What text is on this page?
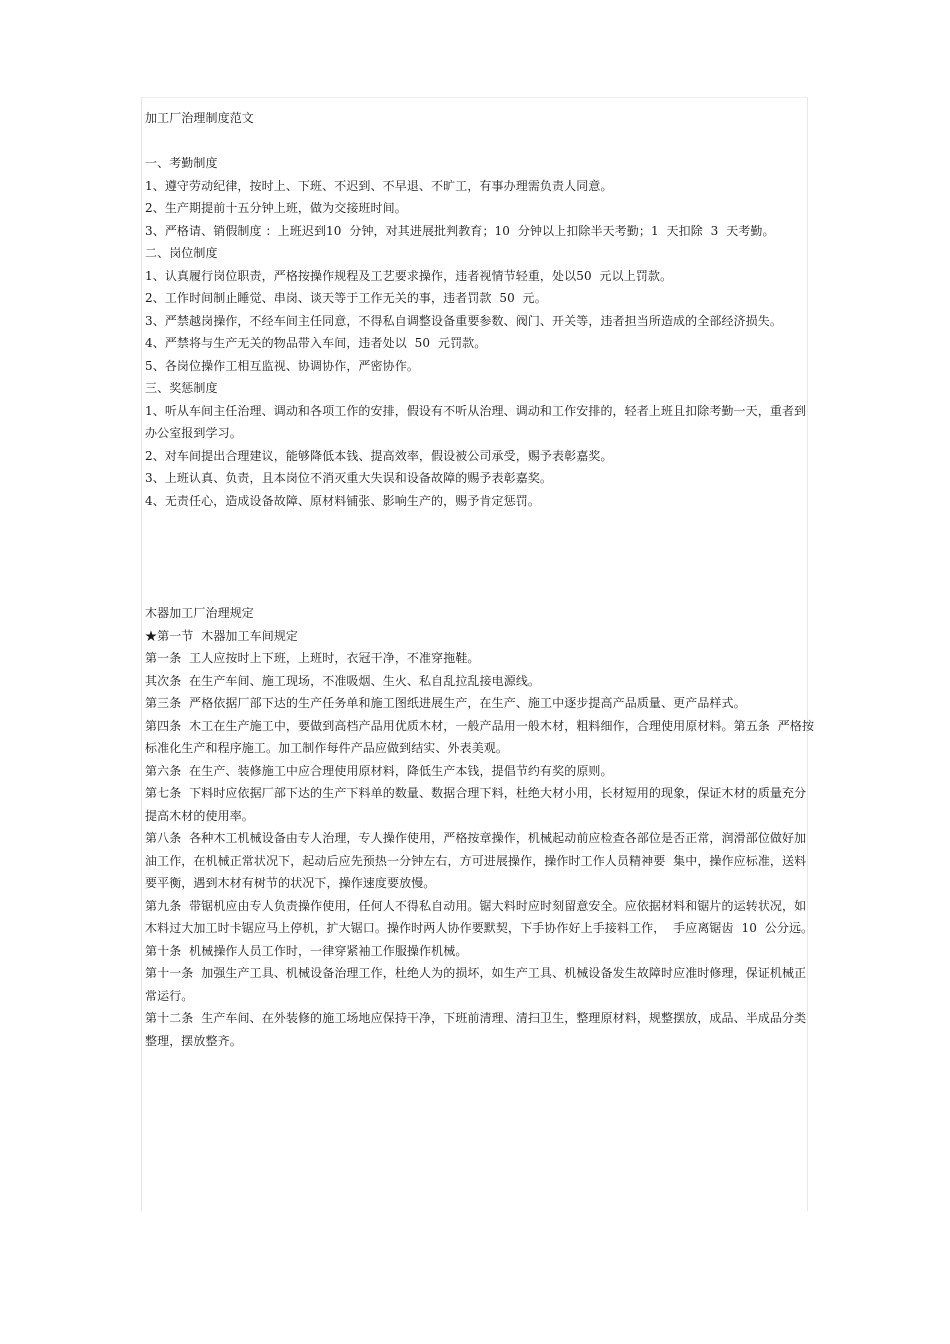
加工厂治理制度范文
一、考勤制度
1、遵守劳动纪律，按时上、下班、不迟到、不早退、不旷工，有事办理需负责人同意。
2、生产期提前十五分钟上班，做为交接班时间。
3、严格请、销假制度 ：上班迟到10  分钟，对其进展批判教育；10  分钟以上扣除半天考勤；1  天扣除  3  天考勤。
二、岗位制度
1、认真履行岗位职责，严格按操作规程及工艺要求操作，违者视情节轻重，处以50  元以上罚款。
2、工作时间制止睡觉、串岗、谈天等于工作无关的事，违者罚款  50  元。
3、严禁越岗操作，不经车间主任同意，不得私自调整设备重要参数、阀门、开关等，违者担当所造成的全部经济损失。
4、严禁将与生产无关的物品带入车间，违者处以  50  元罚款。
5、各岗位操作工相互监视、协调协作，严密协作。
三、奖惩制度
1、听从车间主任治理、调动和各项工作的安排，假设有不听从治理、调动和工作安排的，轻者上班且扣除考勤一天，重者到办公室报到学习。
2、对车间提出合理建议，能够降低本钱、提高效率，假设被公司承受，赐予表彰嘉奖。
3、上班认真、负责，且本岗位不消灭重大失误和设备故障的赐予表彰嘉奖。
4、无责任心，造成设备故障、原材料铺张、影响生产的，赐予肯定惩罚。
木器加工厂治理规定
★第一节  木器加工车间规定
第一条  工人应按时上下班，上班时，衣冠干净，不准穿拖鞋。
其次条  在生产车间、施工现场，不准吸烟、生火、私自乱拉乱接电源线。
第三条  严格依据厂部下达的生产任务单和施工图纸进展生产，在生产、施工中逐步提高产品质量、更产品样式。
第四条  木工在生产施工中，要做到高档产品用优质木材，一般产品用一般木材，粗料细作，合理使用原材料。第五条  严格按标准化生产和程序施工。加工制作每件产品应做到结实、外表美观。
第六条  在生产、装修施工中应合理使用原材料，降低生产本钱，提倡节约有奖的原则。
第七条  下料时应依据厂部下达的生产下料单的数量、数据合理下料，杜绝大材小用，长材短用的现象，保证木材的质量充分提高木材的使用率。
第八条  各种木工机械设备由专人治理，专人操作使用，严格按章操作，机械起动前应检查各部位是否正常，润滑部位做好加油工作，在机械正常状况下，起动后应先预热一分钟左右，方可进展操作，操作时工作人员精神要  集中，操作应标准，送料要平衡，遇到木材有树节的状况下，操作速度要放慢。
第九条  带锯机应由专人负责操作使用，任何人不得私自动用。锯大料时应时刻留意安全。应依据材料和锯片的运转状况，如木料过大加工时卡锯应马上停机，扩大锯口。操作时两人协作要默契，下手协作好上手接料工作，  手应离锯齿  10  公分远。
第十条  机械操作人员工作时，一律穿紧袖工作服操作机械。
第十一条  加强生产工具、机械设备治理工作，杜绝人为的损坏，如生产工具、机械设备发生故障时应准时修理，保证机械正常运行。
第十二条  生产车间、在外装修的施工场地应保持干净，下班前清理、清扫卫生，整理原材料，规整摆放，成品、半成品分类整理，摆放整齐。
